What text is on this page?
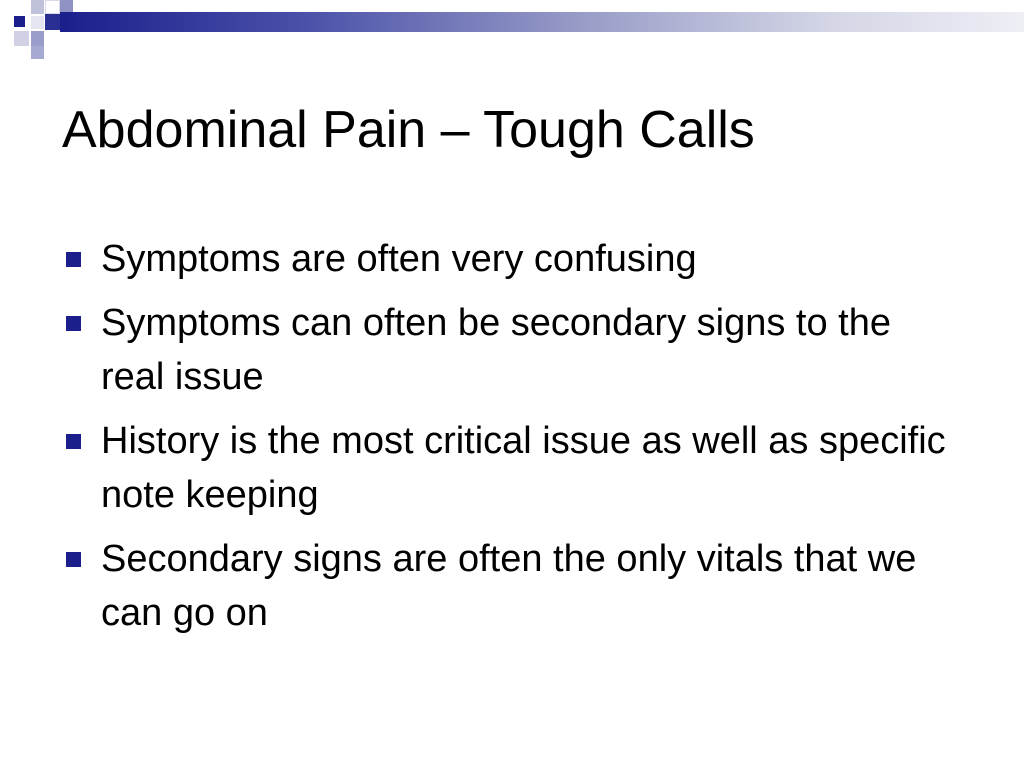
Abdominal Pain – Tough Calls
Symptoms are often very confusing
Symptoms can often be secondary signs to the real issue
History is the most critical issue as well as specific note keeping
Secondary signs are often the only vitals that we can go on
